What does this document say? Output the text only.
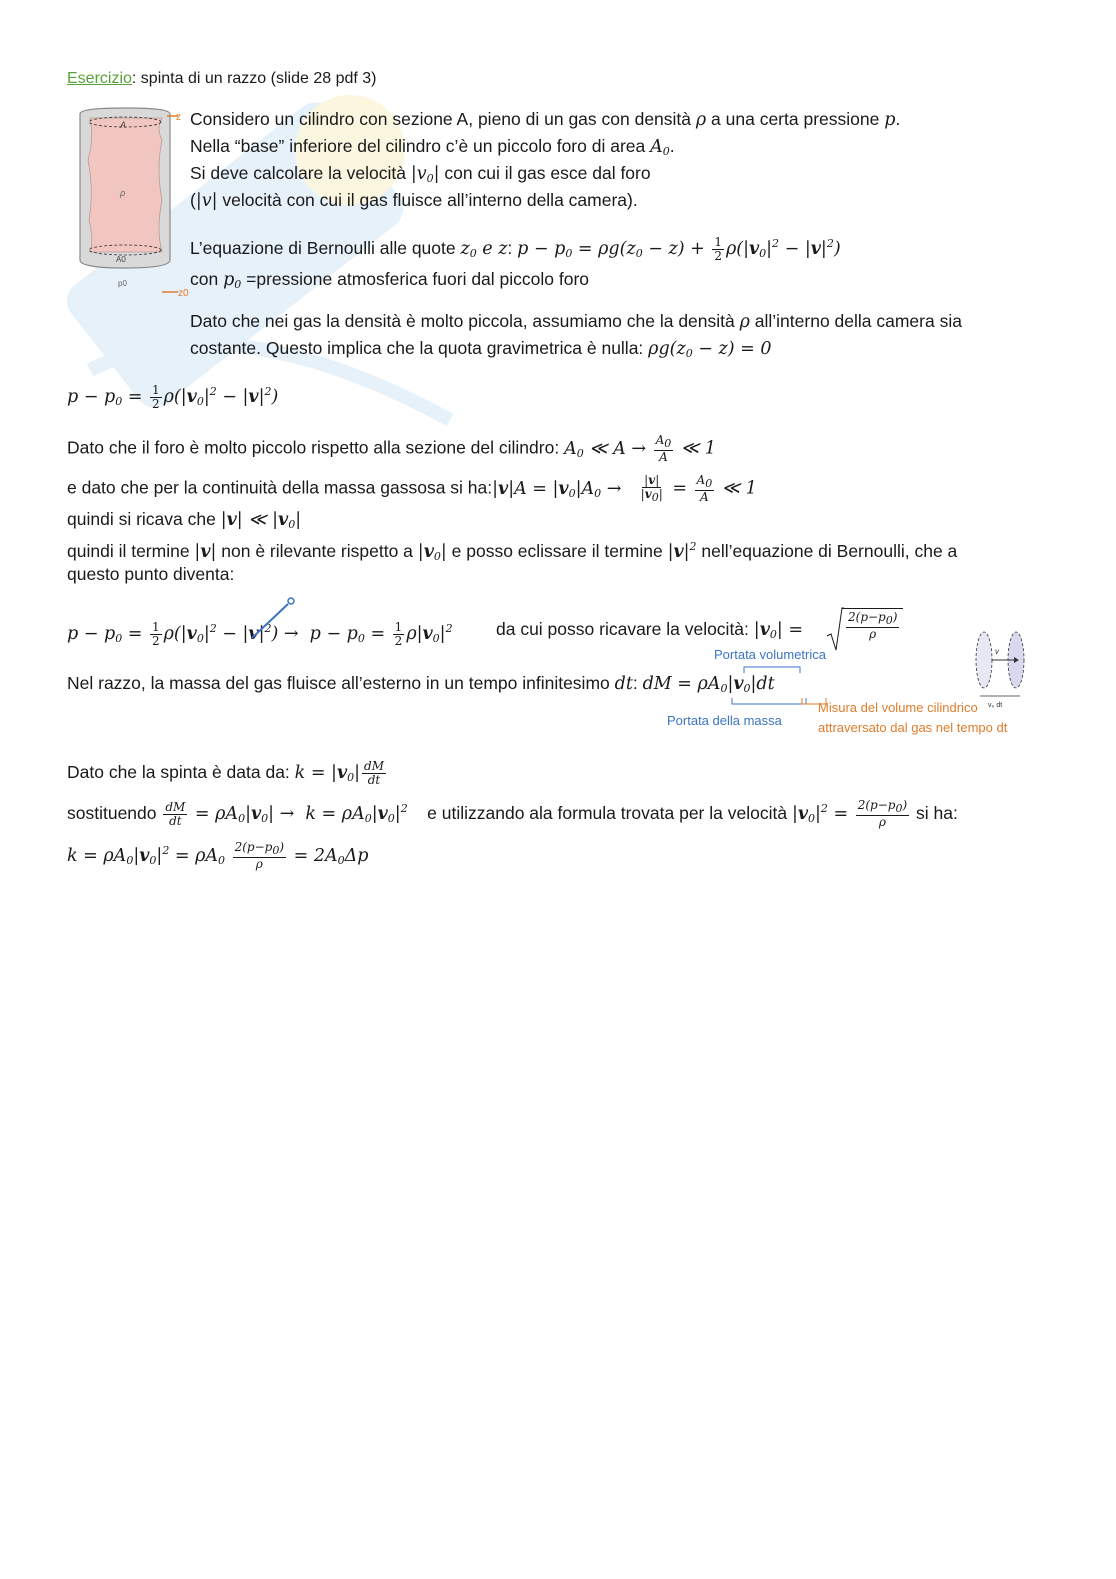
Esercizio: spinta di un razzo (slide 28 pdf 3)
A
ρ
A0
p0
z
z0
Considero un cilindro con sezione A, pieno di un gas con densità ρ a una certa pressione p.
Nella “base” inferiore del cilindro c’è un piccolo foro di area $A_0$.
Si deve calcolare la velocità $|v_0|$ con cui il gas esce dal foro
(|v| velocità con cui il gas fluisce all’interno della camera).
L’equazione di Bernoulli alle quote $z_0$ e z: $p - p_0 = \rho g(z_0 - z) + \frac{1}{2} \rho(|v_0|^2 - |v|^2)$
con $p_0$ =pressione atmosferica fuori dal piccolo foro
Dato che nei gas la densità è molto piccola, assumiamo che la densità ρ all’interno della camera sia
costante. Questo implica che la quota gravimetrica è nulla: $\rho g(z_0 - z) = 0$
$p - p_0 = \frac{1}{2} \rho(|v_0|^2 - |v|^2)$
Dato che il foro è molto piccolo rispetto alla sezione del cilindro: $A_0$ ≪ $A \to \frac{A_0}{A}$ ≪ 1
e dato che per la continuità della massa gassosa si ha:|v|A = $|v_0|A_0 \to \frac{|v|}{|v_0|} = \frac{A_0}{A}$ ≪ 1
quindi si ricava che |v| ≪ $|v_0|$
quindi il termine |v| non è rilevante rispetto a $|v_0|$ e posso eclissare il termine $|v|^2$ nell’equazione di Bernoulli, che a
questo punto diventa:
$p - p_0 = \frac{1}{2} \rho(|v_0|^2 - |v|^2) \to p - p_0 = \frac{1}{2} \rho|v_0|^2$ da cui posso ricavare la velocità: $|v_0|$ =	$\frac{2(p-p_0)}{\rho}$
v
v₀ dt
Portata volumetrica
Nel razzo, la massa del gas fluisce all’esterno in un tempo infinitesimo dt: dM = $\rho A_0|v_0|dt$
Portata della massa
Misura del volume cilindrico
attraversato dal gas nel tempo dt
Dato che la spinta è data da: $k = |v_0| \frac{dM}{dt}$
sostituendo $\frac{dM}{dt} = \rho A_0|v_0| \to k = \rho A_0|v_0|^2$ e utilizzando ala formula trovata per la velocità $|v_0|^2 = \frac{2(p-p_0)}{\rho}$ si ha:
$k = \rho A_0|v_0|^2 = \rho A_0 \frac{2(p-p_0)}{\rho} = 2A_0\Delta p$
